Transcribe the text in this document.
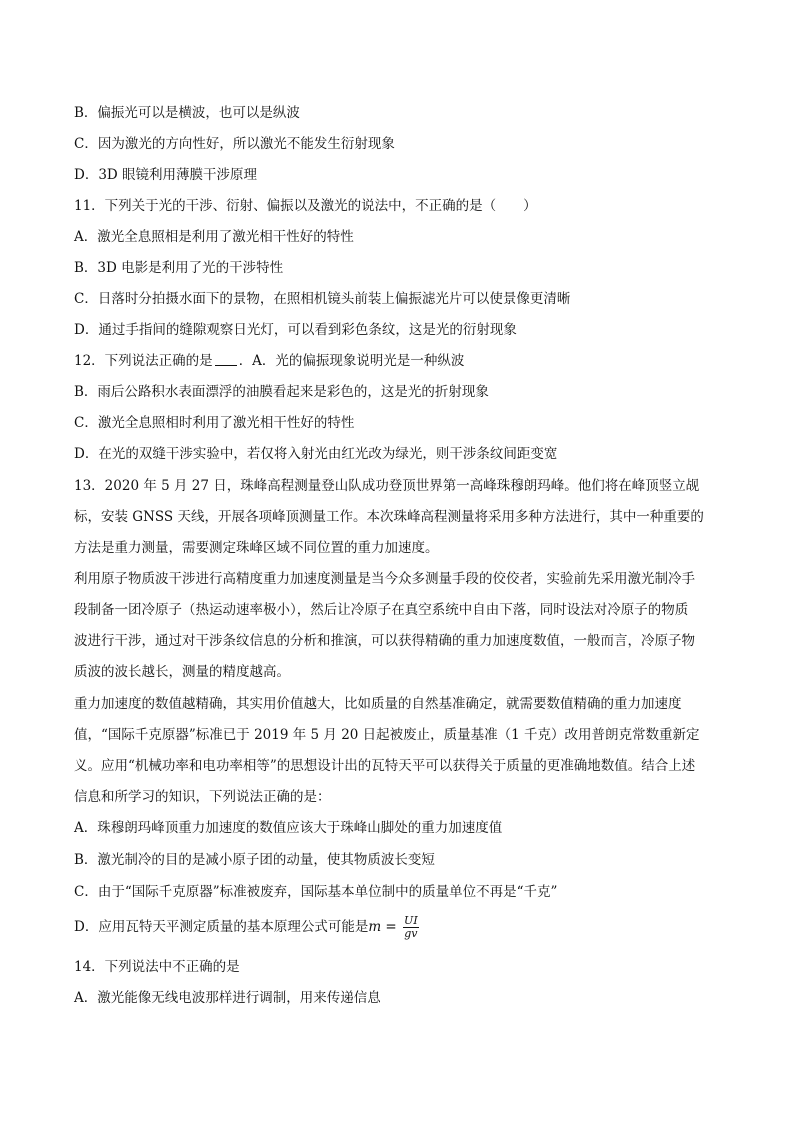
B．偏振光可以是横波，也可以是纵波
C．因为激光的方向性好，所以激光不能发生衍射现象
D．3D 眼镜利用薄膜干涉原理
11．下列关于光的干涉、衍射、偏振以及激光的说法中，不正确的是（　　）
A．激光全息照相是利用了激光相干性好的特性
B．3D 电影是利用了光的干涉特性
C．日落时分拍摄水面下的景物，在照相机镜头前装上偏振滤光片可以使景像更清晰
D．通过手指间的缝隙观察日光灯，可以看到彩色条纹，这是光的衍射现象
12．下列说法正确的是 ．A．光的偏振现象说明光是一种纵波
B．雨后公路积水表面漂浮的油膜看起来是彩色的，这是光的折射现象
C．激光全息照相时利用了激光相干性好的特性
D．在光的双缝干涉实验中，若仅将入射光由红光改为绿光，则干涉条纹间距变宽
13．2020 年 5 月 27 日，珠峰高程测量登山队成功登顶世界第一高峰珠穆朗玛峰。他们将在峰顶竖立觇
标，安装 GNSS 天线，开展各项峰顶测量工作。本次珠峰高程测量将采用多种方法进行，其中一种重要的
方法是重力测量，需要测定珠峰区域不同位置的重力加速度。
利用原子物质波干涉进行高精度重力加速度测量是当今众多测量手段的佼佼者，实验前先采用激光制冷手
段制备一团冷原子（热运动速率极小），然后让冷原子在真空系统中自由下落，同时设法对冷原子的物质
波进行干涉，通过对干涉条纹信息的分析和推演，可以获得精确的重力加速度数值，一般而言，冷原子物
质波的波长越长，测量的精度越高。
重力加速度的数值越精确，其实用价值越大，比如质量的自然基准确定，就需要数值精确的重力加速度
值，“国际千克原器”标准已于 2019 年 5 月 20 日起被废止，质量基准（1 千克）改用普朗克常数重新定
义。应用“机械功率和电功率相等”的思想设计出的瓦特天平可以获得关于质量的更准确地数值。结合上述
信息和所学习的知识，下列说法正确的是：
A．珠穆朗玛峰顶重力加速度的数值应该大于珠峰山脚处的重力加速度值
B．激光制冷的目的是减小原子团的动量，使其物质波长变短
C．由于“国际千克原器”标准被废弃，国际基本单位制中的质量单位不再是“千克”
D．应用瓦特天平测定质量的基本原理公式可能是$m = \frac{UI}{gv}$
14．下列说法中不正确的是
A．激光能像无线电波那样进行调制，用来传递信息
